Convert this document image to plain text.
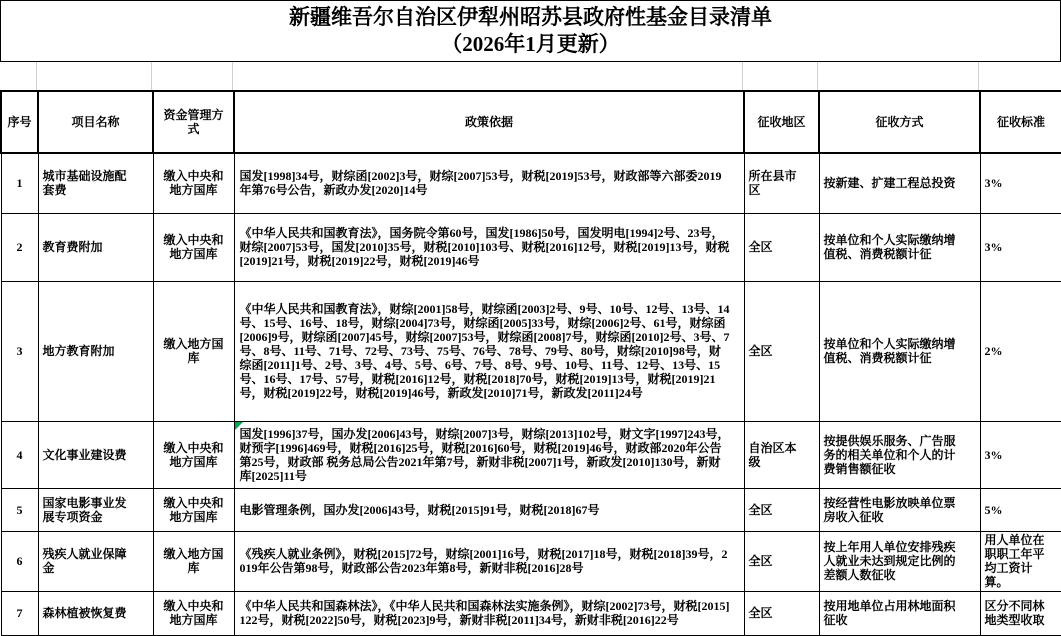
新疆维吾尔自治区伊犁州昭苏县政府性基金目录清单
（2026年1月更新）
序号	项目名称	资金管理方式	政策依据	征收地区	征收方式	征收标准
1	城市基础设施配套费	缴入中央和地方国库	国发[1998]34号，财综函[2002]3号，财综[2007]53号，财税[2019]53号，财政部等六部委2019年第76号公告，新政办发[2020]14号	所在县市区	按新建、扩建工程总投资	3%
2	教育费附加	缴入中央和地方国库	《中华人民共和国教育法》，国务院令第60号，国发[1986]50号，国发明电[1994]2号、23号，财综[2007]53号，国发[2010]35号，财税[2010]103号、财税[2016]12号，财税[2019]13号，财税[2019]21号，财税[2019]22号，财税[2019]46号	全区	按单位和个人实际缴纳增值税、消费税额计征	3%
3	地方教育附加	缴入地方国库	《中华人民共和国教育法》，财综[2001]58号，财综函[2003]2号、9号、10号、12号、13号、14号、15号、16号、18号，财综[2004]73号，财综函[2005]33号，财综[2006]2号、61号，财综函[2006]9号，财综函[2007]45号，财综[2007]53号，财综函[2008]7号，财综函[2010]2号、3号、7号、8号、11号、71号、72号、73号、75号、76号、78号、79号、80号，财综[2010]98号，财综函[2011]1号、2号、3号、4号、5号、6号、7号、8号、9号、10号、11号、12号、13号、15号、16号、17号、57号，财税[2016]12号，财税[2018]70号，财税[2019]13号，财税[2019]21号，财税[2019]22号，财税[2019]46号，新政发[2010]71号，新政发[2011]24号	全区	按单位和个人实际缴纳增值税、消费税额计征	2%
4	文化事业建设费	缴入中央和地方国库	国发[1996]37号，国办发[2006]43号，财综[2007]3号，财综[2013]102号，财文字[1997]243号，财预字[1996]469号，财税[2016]25号，财税[2016]60号，财税[2019]46号，财政部2020年公告第25号，财政部 税务总局公告2021年第7号，新财非税[2007]1号，新政发[2010]130号，新财库[2025]11号	自治区本级	按提供娱乐服务、广告服务的相关单位和个人的计费销售额征收	3%
5	国家电影事业发展专项资金	缴入中央和地方国库	电影管理条例，国办发[2006]43号，财税[2015]91号，财税[2018]67号	全区	按经营性电影放映单位票房收入征收	5%
6	残疾人就业保障金	缴入地方国库	《残疾人就业条例》，财税[2015]72号，财综[2001]16号，财税[2017]18号，财税[2018]39号，2019年公告第98号，财政部公告2023年第8号，新财非税[2016]28号	全区	按上年用人单位安排残疾人就业未达到规定比例的差额人数征收	用人单位在职职工年平均工资计算。
7	森林植被恢复费	缴入中央和地方国库	《中华人民共和国森林法》，《中华人民共和国森林法实施条例》，财综[2002]73号，财税[2015]122号，财税[2022]50号，财税[2023]9号，新财非税[2011]34号，新财非税[2016]22号	全区	按用地单位占用林地面积征收	区分不同林地类型收取
